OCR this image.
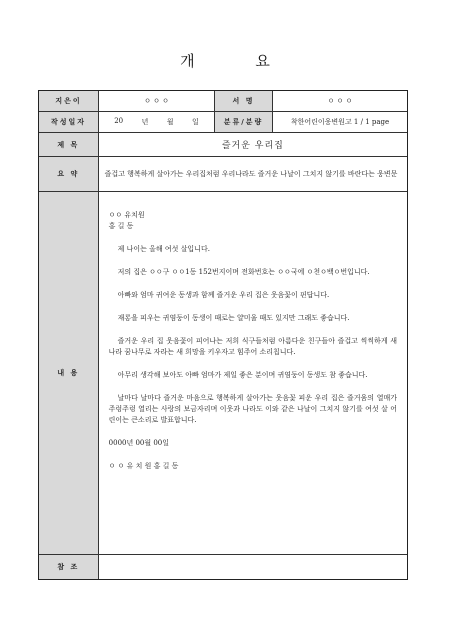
개 요
지은이	ㅇ ㅇ ㅇ	서 명	ㅇ ㅇ ㅇ
작성일자	20	년	월	일	분류/분량	착한어린이웅변원고 1 / 1 page
제 목	즐거운 우리집
요 약	즐겁고 행복하게 살아가는 우리집처럼 우리나라도 즐거운 나날이 그치지 않기를 바란다는 웅변문
내 용
ㅇㅇ 유치원
홍 길 동
제 나이는 올해 여섯 살입니다.
저의 집은 ㅇㅇ구 ㅇㅇ1동 152번지이며 전화번호는 ㅇㅇ국에 ㅇ천ㅇ백ㅇ번입니다.
아빠와 엄마 귀여운 동생과 함께 즐거운 우리 집은 웃음꽃이 핀답니다.
재롱을 피우는 귀염둥이 동생이 때로는 얄미울 때도 있지만 그래도 좋습니다.
즐거운 우리 집 웃음꽃이 피어나는 저희 식구들처럼 아름다운 친구들아 즐겁고 씩씩하게 새나라 꿈나무로 자라는 새 희망을 키우자고 힘주어 소리칩니다.
아무리 생각해 보아도 아빠 엄마가 제일 좋은 분이며 귀염둥이 동생도 참 좋습니다.
날마다 날마다 즐거운 마음으로 행복하게 살아가는 웃음꽃 피운 우리 집은 즐거움의 열매가 주렁주렁 열리는 사랑의 보금자리며 이웃과 나라도 이와 같은 나날이 그치지 않기를 여섯 살 어린이는 큰소리로 발표합니다.
0000년 00월 00일
ㅇ ㅇ 유 치 원 홍 길 동
참 조
